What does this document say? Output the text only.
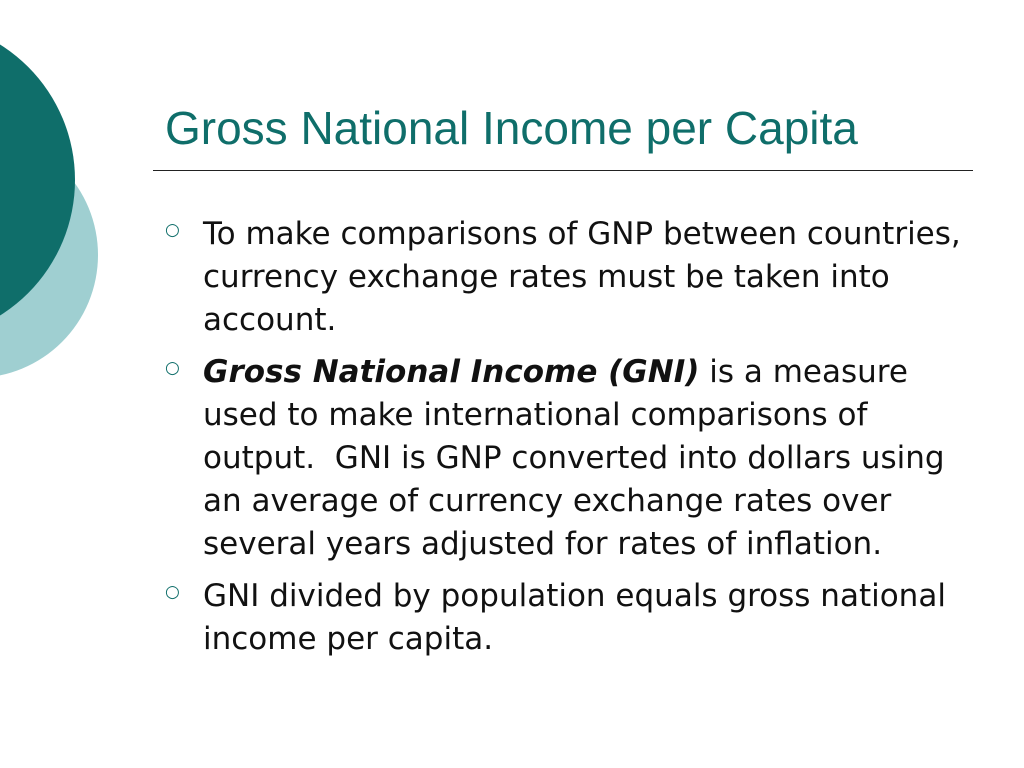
Gross National Income per Capita
○ To make comparisons of GNP between countries, currency exchange rates must be taken into account.
○ Gross National Income (GNI) is a measure used to make international comparisons of output.  GNI is GNP converted into dollars using an average of currency exchange rates over several years adjusted for rates of inflation.
○ GNI divided by population equals gross national income per capita.
